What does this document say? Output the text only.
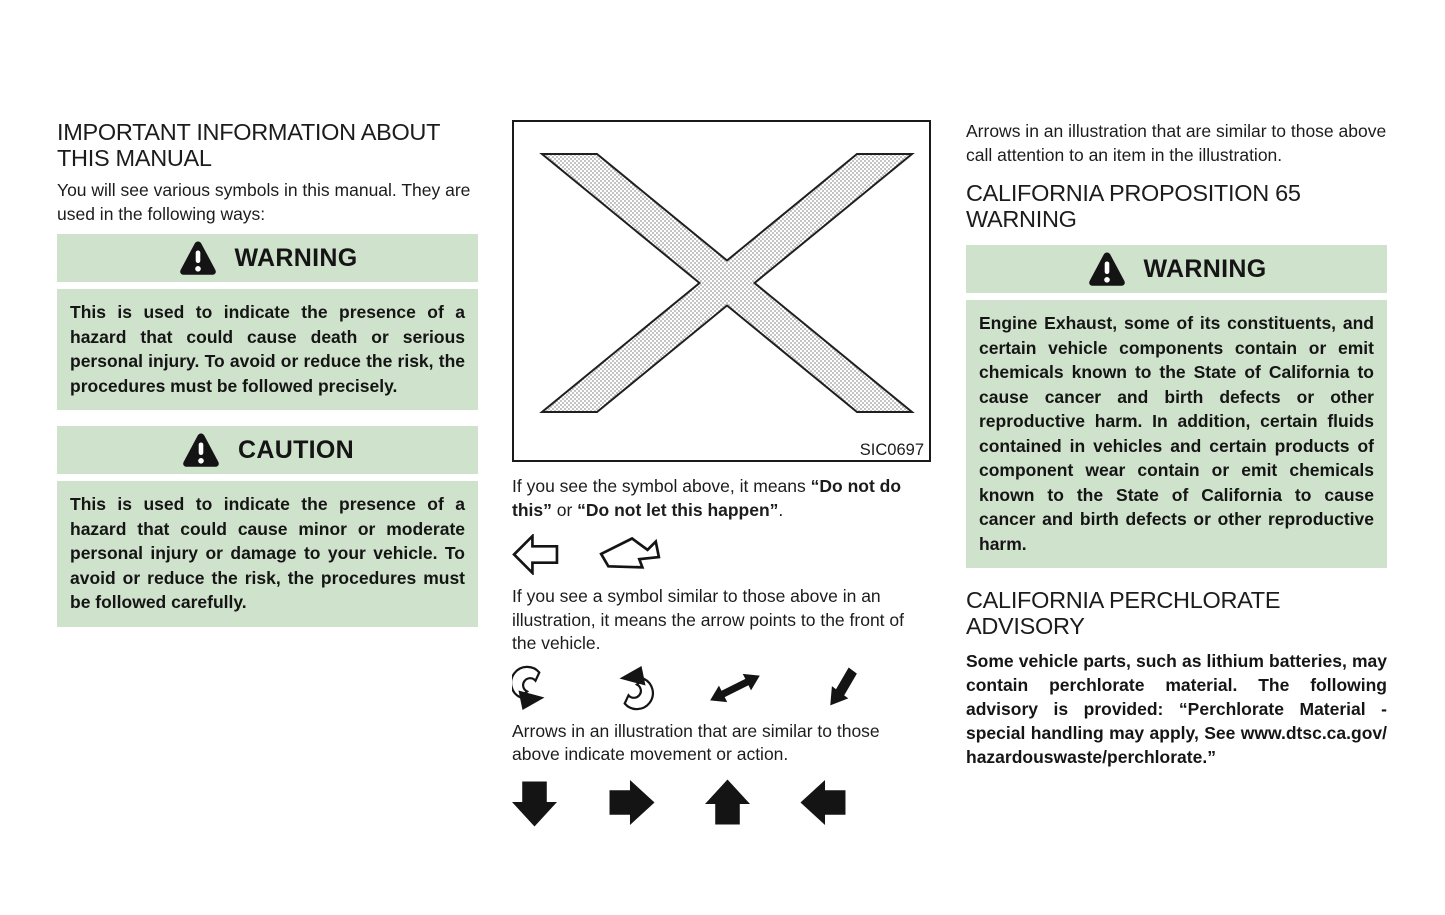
IMPORTANT INFORMATION ABOUT THIS MANUAL

You will see various symbols in this manual. They are used in the following ways:

WARNING
This is used to indicate the presence of a hazard that could cause death or serious personal injury. To avoid or reduce the risk, the procedures must be followed precisely.
CAUTION
This is used to indicate the presence of a hazard that could cause minor or moderate personal injury or damage to your vehicle. To avoid or reduce the risk, the procedures must be followed carefully.
SIC0697

If you see the symbol above, it means “Do not do this” or “Do not let this happen”.

If you see a symbol similar to those above in an illustration, it means the arrow points to the front of the vehicle.

Arrows in an illustration that are similar to those above indicate movement or action.

Arrows in an illustration that are similar to those above call attention to an item in the illustration.

CALIFORNIA PROPOSITION 65 WARNING
WARNING
Engine Exhaust, some of its constituents, and certain vehicle components contain or emit chemicals known to the State of California to cause cancer and birth defects or other reproductive harm. In addition, certain fluids contained in vehicles and certain products of component wear contain or emit chemicals known to the State of California to cause cancer and birth defects or other reproductive harm.
CALIFORNIA PERCHLORATE ADVISORY

Some vehicle parts, such as lithium batteries, may contain perchlorate material. The following advisory is provided: “Perchlorate Material - special handling may apply, See www.dtsc.ca.gov/ hazardouswaste/perchlorate.”
